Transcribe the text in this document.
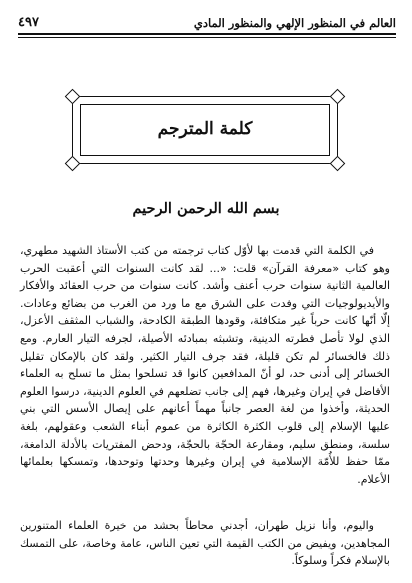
العالم في المنظور الإلهي والمنظور المادي
٤٩٧
كلمة المترجم
بسم الله الرحمن الرحيم

في الكلمة التي قدمت بها لأوّل كتاب ترجمته من كتب الأستاذ الشهيد مطهري، وهو كتاب «معرفة القرآن» قلت: «... لقد كانت السنوات التي أعقبت الحرب العالمية الثانية سنوات حرب أعنف وأشد. كانت سنوات من حرب العقائد والأفكار والأيديولوجيات التي وفدت على الشرق مع ما ورد من الغرب من بضائع وعادات. إلّا أنّها كانت حرباً غير متكافئة، وقودها الطبقة الكادحة، والشباب المثقف الأعزل، الذي لولا تأصل فطرته الدينية، وتشبثه بمبادئه الأصيلة، لجرفه التيار العارم. ومع ذلك فالخسائر لم تكن قليلة، فقد جرف التيار الكثير. ولقد كان بالإمكان تقليل الخسائر إلى أدنى حد، لو أنّ المدافعين كانوا قد تسلحوا بمثل ما تسلح به العلماء الأفاضل في إيران وغيرها، فهم إلى جانب تضلعهم في العلوم الدينية، درسوا العلوم الحديثة، وأخذوا من لغة العصر جانباً مهماً أعانهم على إيصال الأسس التي بني عليها الإسلام إلى قلوب الكثرة الكاثرة من عموم أبناء الشعب وعقولهم، بلغة سلسة، ومنطق سليم، ومقارعة الحجّة بالحجّة، ودحض المفتريات بالأدلة الدامغة، ممّا حفظ للأُمّة الإسلامية في إيران وغيرها وحدتها وتوحدها، وتمسكها بعلمائها الأعلام.

واليوم، وأنا نزيل طهران، أجدني محاطاً بحشد من خيرة العلماء المتنورين المجاهدين، ويفيض من الكتب القيمة التي تعين الناس، عامة وخاصة، على التمسك بالإسلام فكراً وسلوكاً.
